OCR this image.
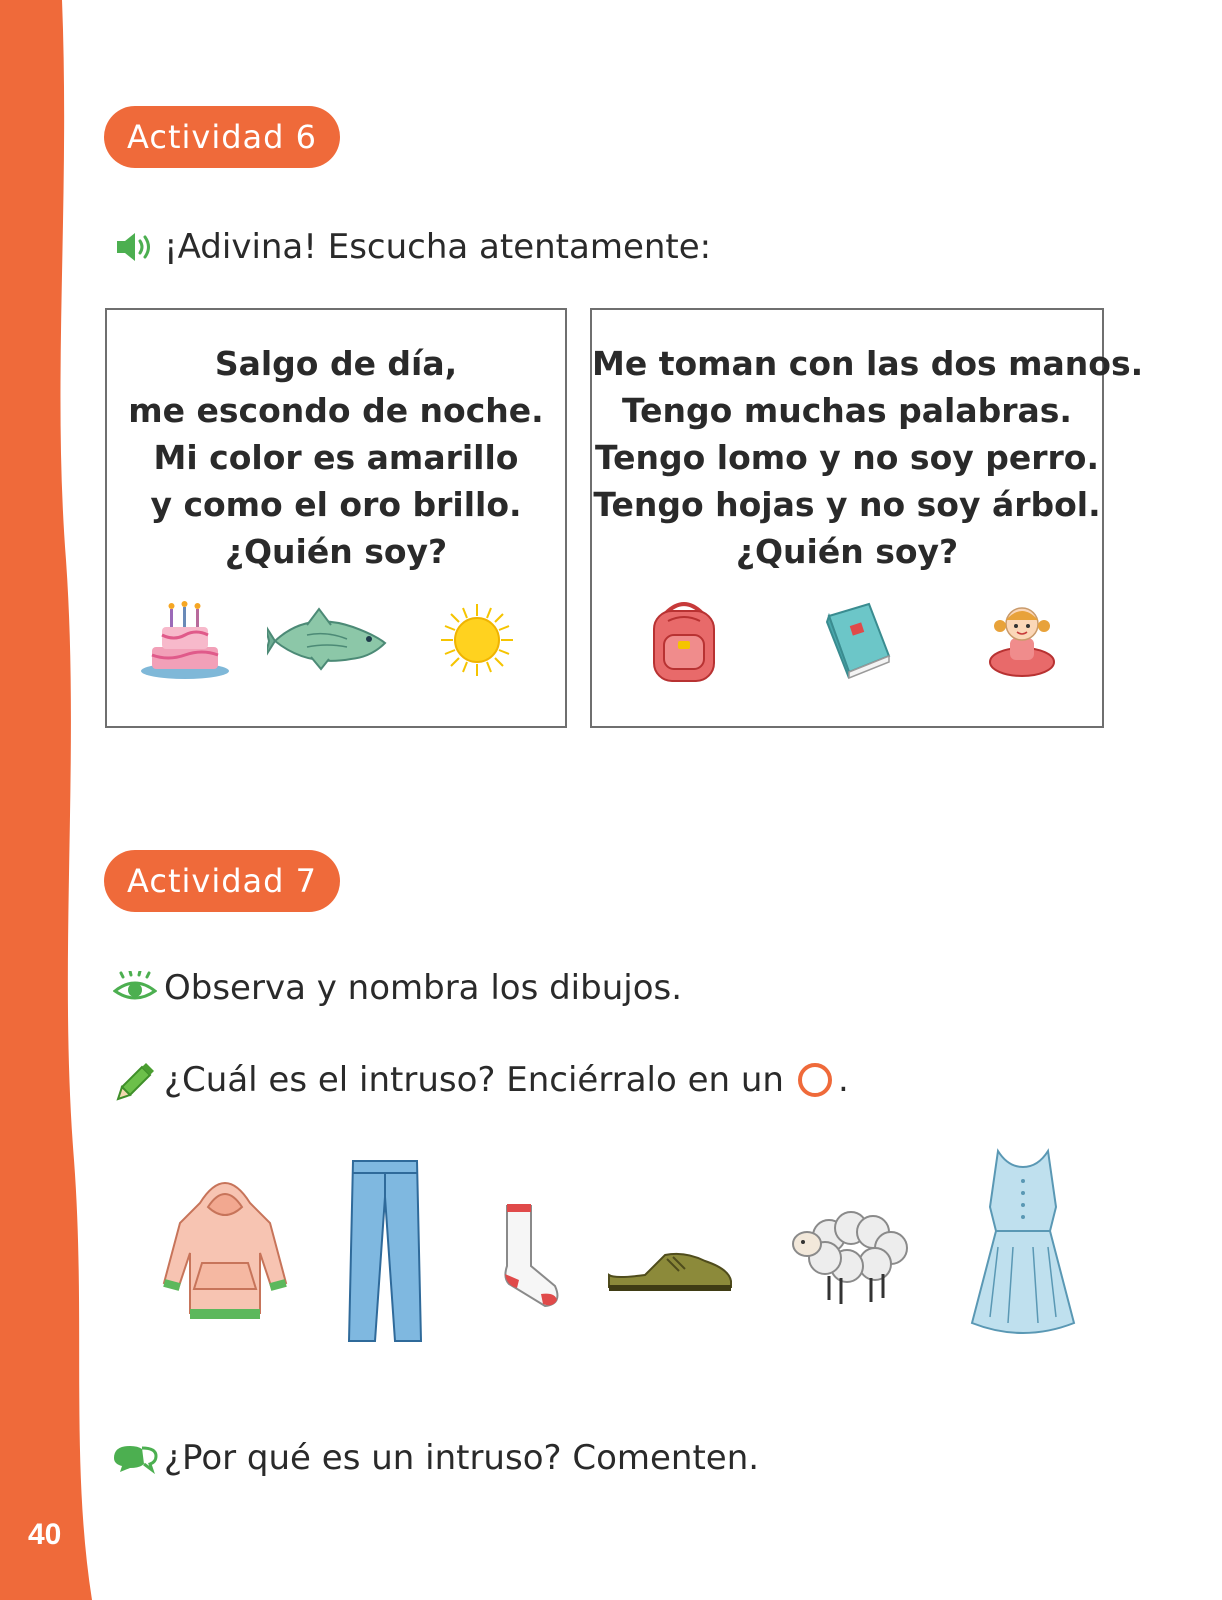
40
Actividad 6
¡Adivina! Escucha atentamente:
Salgo de día,
me escondo de noche.
Mi color es amarillo
y como el oro brillo.
¿Quién soy?
Me toman con las dos manos.
Tengo muchas palabras.
Tengo lomo y no soy perro.
Tengo hojas y no soy árbol.
¿Quién soy?
Actividad 7
Observa y nombra los dibujos.
¿Cuál es el intruso? Enciérralo en un .
¿Por qué es un intruso? Comenten.
